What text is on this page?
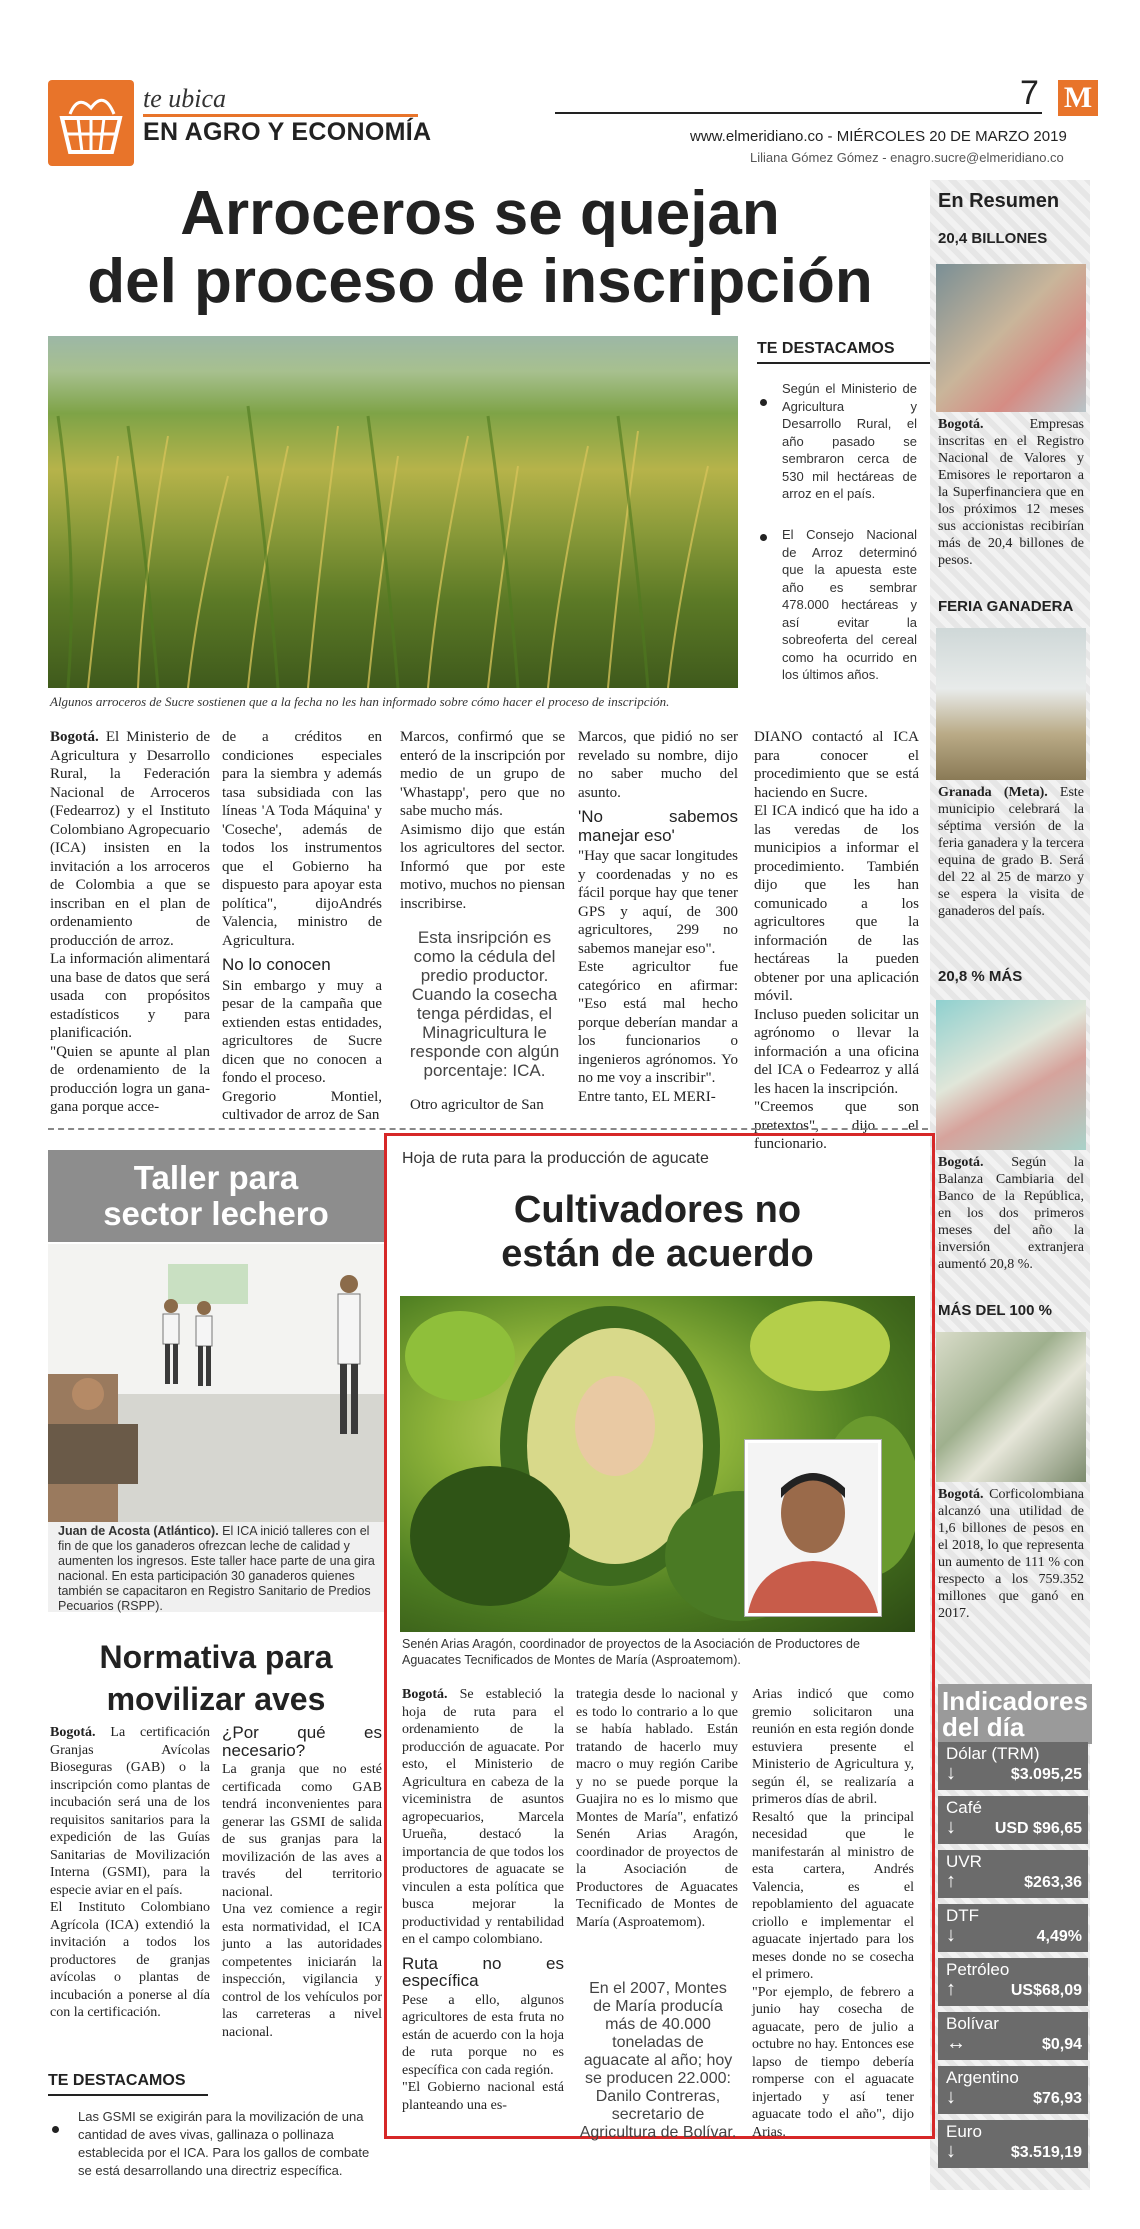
te ubica
EN AGRO Y ECONOMÍA
7 M
www.elmeridiano.co - MIÉRCOLES 20 DE MARZO 2019
Liliana Gómez Gómez - enagro.sucre@elmeridiano.co
Arroceros se quejan
del proceso de inscripción
Algunos arroceros de Sucre sostienen que a la fecha no les han informado sobre cómo hacer el proceso de inscripción.
TE DESTACAMOS
Según el Ministerio de Agricultura y Desarrollo Rural, el año pasado se sembraron cerca de 530 mil hectáreas de arroz en el país.
El Consejo Nacional de Arroz determinó que la apuesta este año es sembrar 478.000 hectáreas y así evitar la sobreoferta del cereal como ha ocurrido en los últimos años.

Bogotá. El Ministerio de Agricultura y Desarrollo Rural, la Federación Nacional de Arroceros (Fedearroz) y el Instituto Colombiano Agropecuario (ICA) insisten en la invitación a los arroceros de Colombia a que se inscriban en el plan de ordenamiento de producción de arroz.

La información alimentará una base de datos que será usada con propósitos estadísticos y para planificación.

"Quien se apunte al plan de ordenamiento de la producción logra un gana-gana porque acce-

de a créditos en condiciones especiales para la siembra y además tasa subsidiada con las líneas 'A Toda Máquina' y 'Coseche', además de todos los instrumentos que el Gobierno ha dispuesto para apoyar esta política", dijoAndrés Valencia, ministro de Agricultura.

No lo conocen

Sin embargo y muy a pesar de la campaña que extienden estas entidades, agricultores de Sucre dicen que no conocen a fondo el proceso.

Gregorio Montiel, cultivador de arroz de San

Marcos, confirmó que se enteró de la inscripción por medio de un grupo de 'Whastapp', pero que no sabe mucho más.

Asimismo dijo que están los agricultores del sector. Informó que por este motivo, muchos no piensan inscribirse.

Esta insripción es como la cédula del predio productor. Cuando la cosecha tenga pérdidas, el Minagricultura le responde con algún porcentaje: ICA.

Otro agricultor de San

Marcos, que pidió no ser revelado su nombre, dijo no saber mucho del asunto.

'No sabemos manejar eso'

"Hay que sacar longitudes y coordenadas y no es fácil porque hay que tener GPS y aquí, de 300 agricultores, 299 no sabemos manejar eso".

Este agricultor fue categórico en afirmar: "Eso está mal hecho porque deberían mandar a los funcionarios o ingenieros agrónomos. Yo no me voy a inscribir".

Entre tanto, EL MERI-

DIANO contactó al ICA para conocer el procedimiento que se está haciendo en Sucre.

El ICA indicó que ha ido a las veredas de los municipios a informar el procedimiento. También dijo que les han comunicado a los agricultores que la información de las hectáreas la pueden obtener por una aplicación móvil.

Incluso pueden solicitar un agrónomo o llevar la información a una oficina del ICA o Fedearroz y allá les hacen la inscripción.

"Creemos que son pretextos", dijo el funcionario.

En Resumen
20,4 BILLONES
Bogotá. Empresas inscritas en el Registro Nacional de Valores y Emisores le reportaron a la Superfinanciera que en los próximos 12 meses sus accionistas recibirían más de 20,4 billones de pesos.
FERIA GANADERA
Granada (Meta). Este municipio celebrará la séptima versión de la feria ganadera y la tercera equina de grado B. Será del 22 al 25 de marzo y se espera la visita de ganaderos del país.
20,8 % MÁS
Bogotá. Según la Balanza Cambiaria del Banco de la República, en los dos primeros meses del año la inversión extranjera aumentó 20,8 %.
MÁS DEL 100 %
Bogotá. Corficolombiana alcanzó una utilidad de 1,6 billones de pesos en el 2018, lo que representa un aumento de 111 % con respecto a los 759.352 millones que ganó en 2017.
Indicadores del día
Dólar (TRM)
↓	$3.095,25
Café
↓ USD $96,65
UVR
↑	$263,36
DTF
↓	4,49%
Petróleo
↑	US$68,09
Bolívar
↔	$0,94
Argentino
↓	$76,93
Euro
↓	$3.519,19
Taller para
sector lechero
Juan de Acosta (Atlántico). El ICA inició talleres con el fin de que los ganaderos ofrezcan leche de calidad y aumenten los ingresos. Este taller hace parte de una gira nacional. En esta participación 30 ganaderos quienes también se capacitaron en Registro Sanitario de Predios Pecuarios (RSPP).
Normativa para
movilizar aves

Bogotá. La certificación Granjas Avícolas Bioseguras (GAB) o la inscripción como plantas de incubación será una de los requisitos sanitarios para la expedición de las Guías Sanitarias de Movilización Interna (GSMI), para la especie aviar en el país.

El Instituto Colombiano Agrícola (ICA) extendió la invitación a todos los productores de granjas avícolas o plantas de incubación a ponerse al día con la certificación.

¿Por qué es necesario?

La granja que no esté certificada como GAB tendrá inconvenientes para generar las GSMI de salida de sus granjas para la movilización de las aves a través del territorio nacional.

Una vez comience a regir esta normatividad, el ICA junto a las autoridades competentes iniciarán la inspección, vigilancia y control de los vehículos por las carreteras a nivel nacional.

TE DESTACAMOS
Las GSMI se exigirán para la movilización de una cantidad de aves vivas, gallinaza o pollinaza establecida por el ICA. Para los gallos de combate se está desarrollando una directriz específica.
Hoja de ruta para la producción de agucate
Cultivadores no
están de acuerdo
Senén Arias Aragón, coordinador de proyectos de la Asociación de Productores de Aguacates Tecnificados de Montes de María (Asproatemom).

Bogotá. Se estableció la hoja de ruta para el ordenamiento de la producción de aguacate. Por esto, el Ministerio de Agricultura en cabeza de la viceministra de asuntos agropecuarios, Marcela Urueña, destacó la importancia de que todos los productores de aguacate se vinculen a esta política que busca mejorar la productividad y rentabilidad en el campo colombiano.

Ruta no es específica

Pese a ello, algunos agricultores de esta fruta no están de acuerdo con la hoja de ruta porque no es específica con cada región.

"El Gobierno nacional está planteando una es-

trategia desde lo nacional y es todo lo contrario a lo que se había hablado. Están tratando de hacerlo muy macro o muy región Caribe y no se puede porque la Guajira no es lo mismo que Montes de María", enfatizó Senén Arias Aragón, coordinador de proyectos de la Asociación de Productores de Aguacates Tecnificado de Montes de María (Asproatemom).

En el 2007, Montes de María producía más de 40.000 toneladas de aguacate al año; hoy se producen 22.000: Danilo Contreras, secretario de Agricultura de Bolívar.

Arias indicó que como gremio solicitaron una reunión en esta región donde estuviera presente el Ministerio de Agricultura y, según él, se realizaría a primeros días de abril.

Resaltó que la principal necesidad que le manifestarán al ministro de esta cartera, Andrés Valencia, es el repoblamiento del aguacate criollo e implementar el aguacate injertado para los meses donde no se cosecha el primero.

"Por ejemplo, de febrero a junio hay cosecha de aguacate, pero de julio a octubre no hay. Entonces ese lapso de tiempo debería romperse con el aguacate injertado y así tener aguacate todo el año", dijo Arias.
